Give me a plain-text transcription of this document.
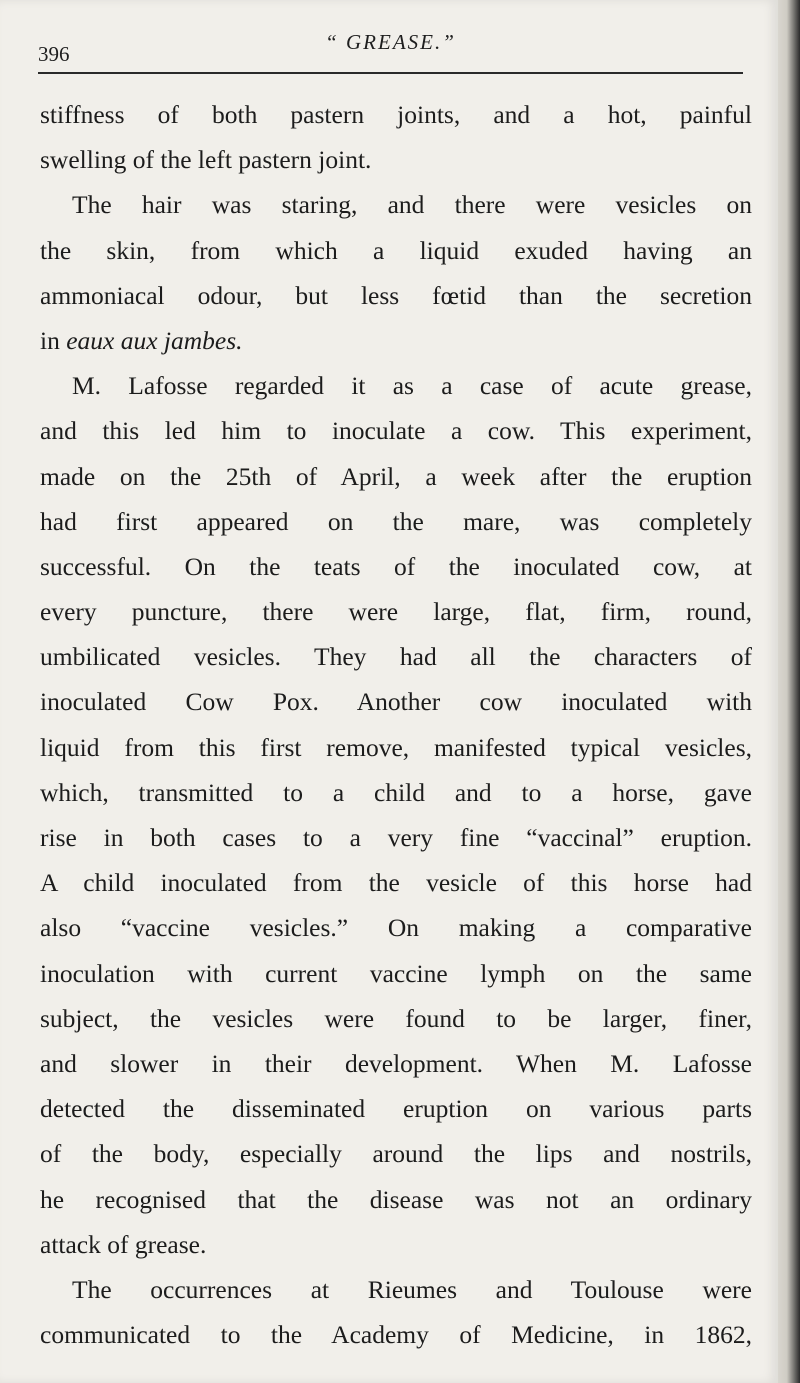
396	“ GREASE.”

stiffness of both pastern joints, and a hot, painful
swelling of the left pastern joint.

The hair was staring, and there were vesicles on
the skin, from which a liquid exuded having an
ammoniacal odour, but less fœtid than the secretion
in eaux aux jambes.

M. Lafosse regarded it as a case of acute grease,
and this led him to inoculate a cow. This experiment,
made on the 25th of April, a week after the eruption
had first appeared on the mare, was completely
successful. On the teats of the inoculated cow, at
every puncture, there were large, flat, firm, round,
umbilicated vesicles. They had all the characters of
inoculated Cow Pox. Another cow inoculated with
liquid from this first remove, manifested typical vesicles,
which, transmitted to a child and to a horse, gave
rise in both cases to a very fine “vaccinal” eruption.
A child inoculated from the vesicle of this horse had
also “vaccine vesicles.” On making a comparative
inoculation with current vaccine lymph on the same
subject, the vesicles were found to be larger, finer,
and slower in their development. When M. Lafosse
detected the disseminated eruption on various parts
of the body, especially around the lips and nostrils,
he recognised that the disease was not an ordinary
attack of grease.

The occurrences at Rieumes and Toulouse were
communicated to the Academy of Medicine, in 1862,
